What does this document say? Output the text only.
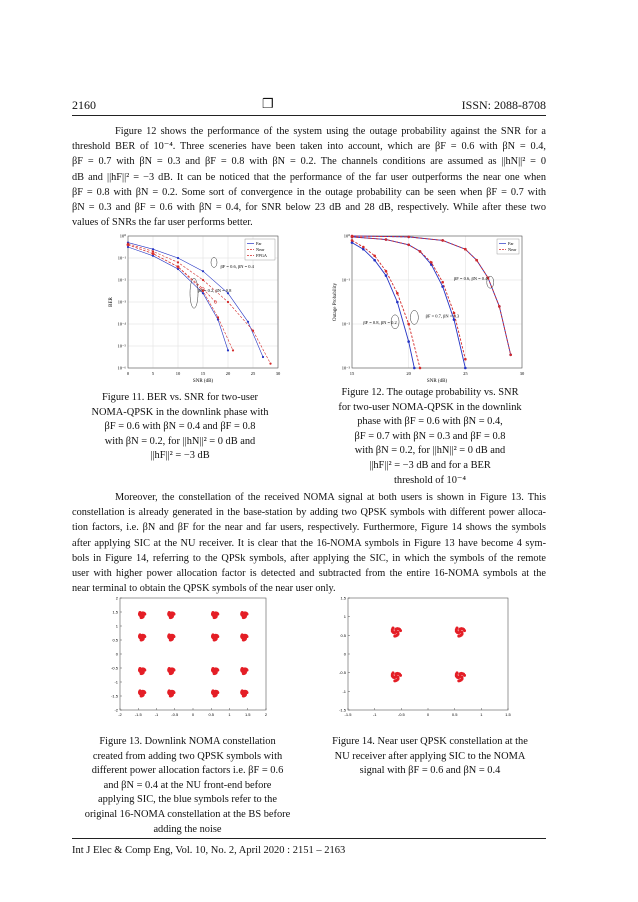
2160	❒	ISSN: 2088-8708
Figure 12 shows the performance of the system using the outage probability against the SNR for a
threshold BER of 10⁻⁴. Three sceneries have been taken into account, which are βF = 0.6 with βN = 0.4,
βF = 0.7 with βN = 0.3 and βF = 0.8 with βN = 0.2. The channels conditions are assumed as ||hN||² = 0
dB and ||hF||² = −3 dB. It can be noticed that the performance of the far user outperforms the near one when
βF = 0.8 with βN = 0.2. Some sort of convergence in the outage probability can be seen when βF = 0.7 with
βN = 0.3 and βF = 0.6 with βN = 0.4, for SNR below 23 dB and 28 dB, respectively. While after these two
values of SNRs the far user performs better.
0	5	10	15	20	25	30
10⁰
10⁻¹
10⁻²
10⁻³
10⁻⁴
10⁻⁵
10⁻⁶
SNR (dB)
BER
Far
Near
FPGA
βF = 0.6, βN = 0.4
βF = 0.2, βN = 0.8
15	20	25	30
10⁰
10⁻¹
10⁻²
10⁻³
SNR (dB)
Outage Probability
Far
Near
βF = 0.6, βN = 0.4
βF = 0.7, βN = 0.3
βF = 0.8, βN = 0.2
Figure 11. BER vs. SNR for two-user
NOMA-QPSK in the downlink phase with
βF = 0.6 with βN = 0.4 and βF = 0.8
with βN = 0.2, for ||hN||² = 0 dB and
||hF||² = −3 dB
Figure 12. The outage probability vs. SNR
for two-user NOMA-QPSK in the downlink
phase with βF = 0.6 with βN = 0.4,
βF = 0.7 with βN = 0.3 and βF = 0.8
with βN = 0.2, for ||hN||² = 0 dB and
||hF||² = −3 dB and for a BER
threshold of 10⁻⁴
Moreover, the constellation of the received NOMA signal at both users is shown in Figure 13. This
constellation is already generated in the base-station by adding two QPSK symbols with different power alloca-
tion factors, i.e. βN and βF for the near and far users, respectively. Furthermore, Figure 14 shows the symbols
after applying SIC at the NU receiver. It is clear that the 16-NOMA symbols in Figure 13 have become 4 sym-
bols in Figure 14, referring to the QPSk symbols, after applying the SIC, in which the symbols of the remote
user with higher power allocation factor is detected and subtracted from the entire 16-NOMA symbols at the
near terminal to obtain the QPSK symbols of the near user only.
-2	-1.5	-1	-0.5	0	0.5	1	1.5	2
2
1.5
1
0.5
0
-0.5
-1
-1.5
-2
-1.5	-1	-0.5	0	0.5	1	1.5
1.5
1
0.5
0
-0.5
-1
-1.5
Figure 13. Downlink NOMA constellation
created from adding two QPSK symbols with
different power allocation factors i.e. βF = 0.6
and βN = 0.4 at the NU front-end before
applying SIC, the blue symbols refer to the
original 16-NOMA constellation at the BS before
adding the noise
Figure 14. Near user QPSK constellation at the
NU receiver after applying SIC to the NOMA
signal with βF = 0.6 and βN = 0.4
Int J Elec & Comp Eng, Vol. 10, No. 2, April 2020 : 2151 – 2163
